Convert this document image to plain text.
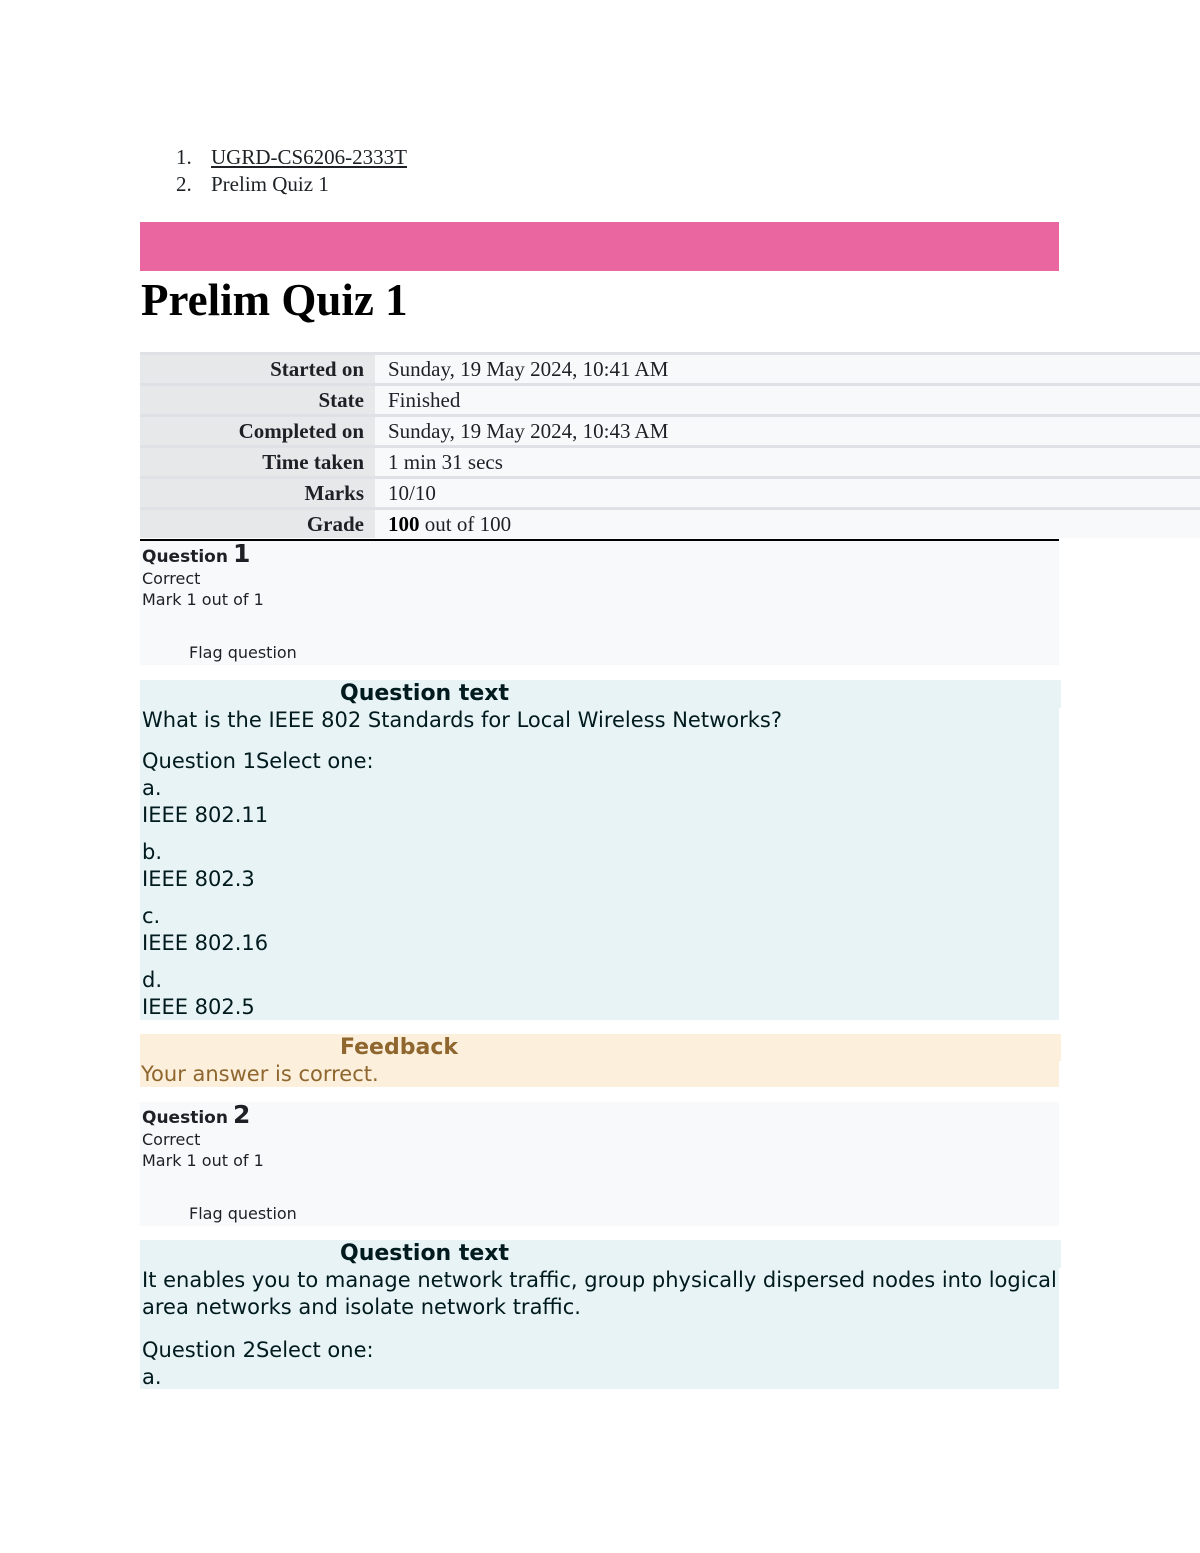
1. UGRD-CS6206-2333T
2. Prelim Quiz 1
Prelim Quiz 1
Started on	Sunday, 19 May 2024, 10:41 AM
State	Finished
Completed on	Sunday, 19 May 2024, 10:43 AM
Time taken	1 min 31 secs
Marks	10/10
Grade	100 out of 100
Question 1
Correct
Mark 1 out of 1
Flag question
Question text

What is the IEEE 802 Standards for Local Wireless Networks?

Question 1Select one:

a.

IEEE 802.11

b.

IEEE 802.3

c.

IEEE 802.16

d.

IEEE 802.5

Feedback
Your answer is correct.
Question 2
Correct
Mark 1 out of 1
Flag question
Question text

It enables you to manage network traffic, group physically dispersed nodes into logical area networks and isolate network traffic.

Question 2Select one:

a.
